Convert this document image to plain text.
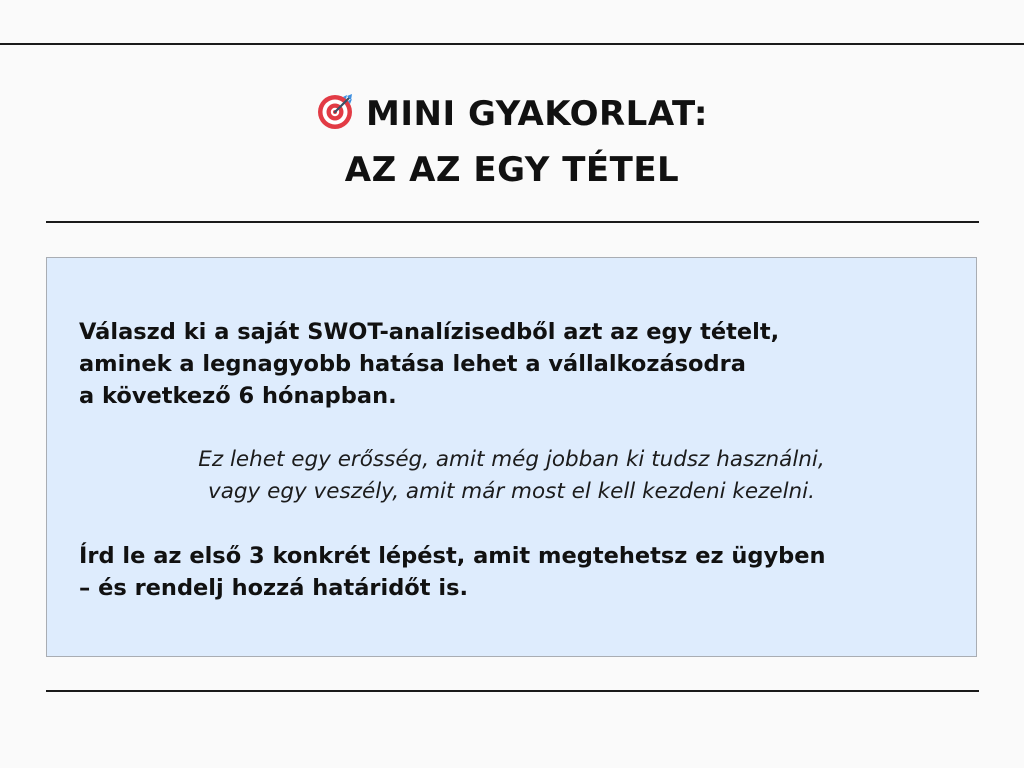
MINI GYAKORLAT:
AZ AZ EGY TÉTEL
Válaszd ki a saját SWOT-analízisedből azt az egy tételt,
aminek a legnagyobb hatása lehet a vállalkozásodra
a következő 6 hónapban.
Ez lehet egy erősség, amit még jobban ki tudsz használni,
vagy egy veszély, amit már most el kell kezdeni kezelni.
Írd le az első 3 konkrét lépést, amit megtehetsz ez ügyben
– és rendelj hozzá határidőt is.
